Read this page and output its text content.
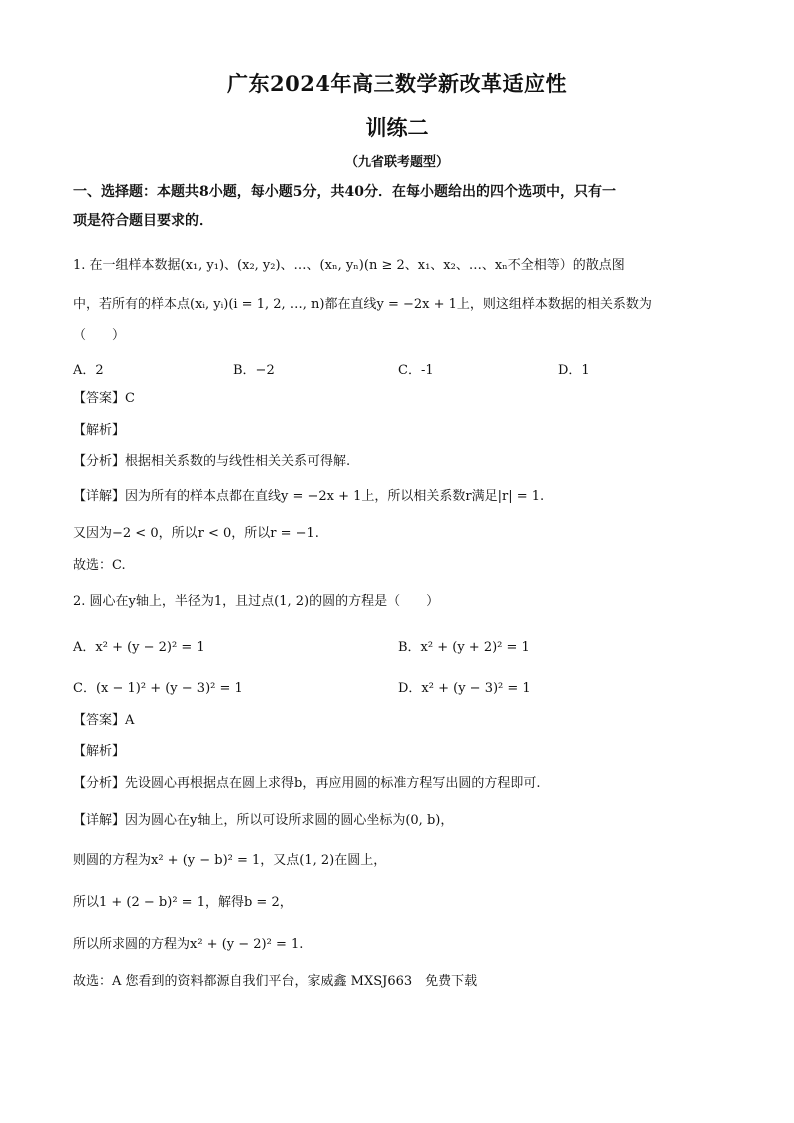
广东2024年高三数学新改革适应性
训练二
（九省联考题型）
一、选择题：本题共8小题，每小题5分，共40分．在每小题给出的四个选项中，只有一
项是符合题目要求的．
1. 在一组样本数据(x₁, y₁)、(x₂, y₂)、…、(xₙ, yₙ)(n ≥ 2、x₁、x₂、…、xₙ不全相等）的散点图
中，若所有的样本点(xᵢ, yᵢ)(i = 1, 2, …, n)都在直线y = −2x + 1上，则这组样本数据的相关系数为
（　　）
A．2	B．−2	C．-1	D．1
【答案】C
【解析】
【分析】根据相关系数的与线性相关关系可得解.
【详解】因为所有的样本点都在直线y = −2x + 1上，所以相关系数r满足|r| = 1.
又因为−2 < 0，所以r < 0，所以r = −1.
故选：C.
2. 圆心在y轴上，半径为1，且过点(1, 2)的圆的方程是（　　）
A．x² + (y − 2)² = 1	B．x² + (y + 2)² = 1
C．(x − 1)² + (y − 3)² = 1	D．x² + (y − 3)² = 1
【答案】A
【解析】
【分析】先设圆心再根据点在圆上求得b，再应用圆的标准方程写出圆的方程即可.
【详解】因为圆心在y轴上，所以可设所求圆的圆心坐标为(0, b)，
则圆的方程为x² + (y − b)² = 1，又点(1, 2)在圆上，
所以1 + (2 − b)² = 1，解得b = 2，
所以所求圆的方程为x² + (y − 2)² = 1.
故选：A 您看到的资料都源自我们平台，家威鑫 MXSJ663　免费下载
